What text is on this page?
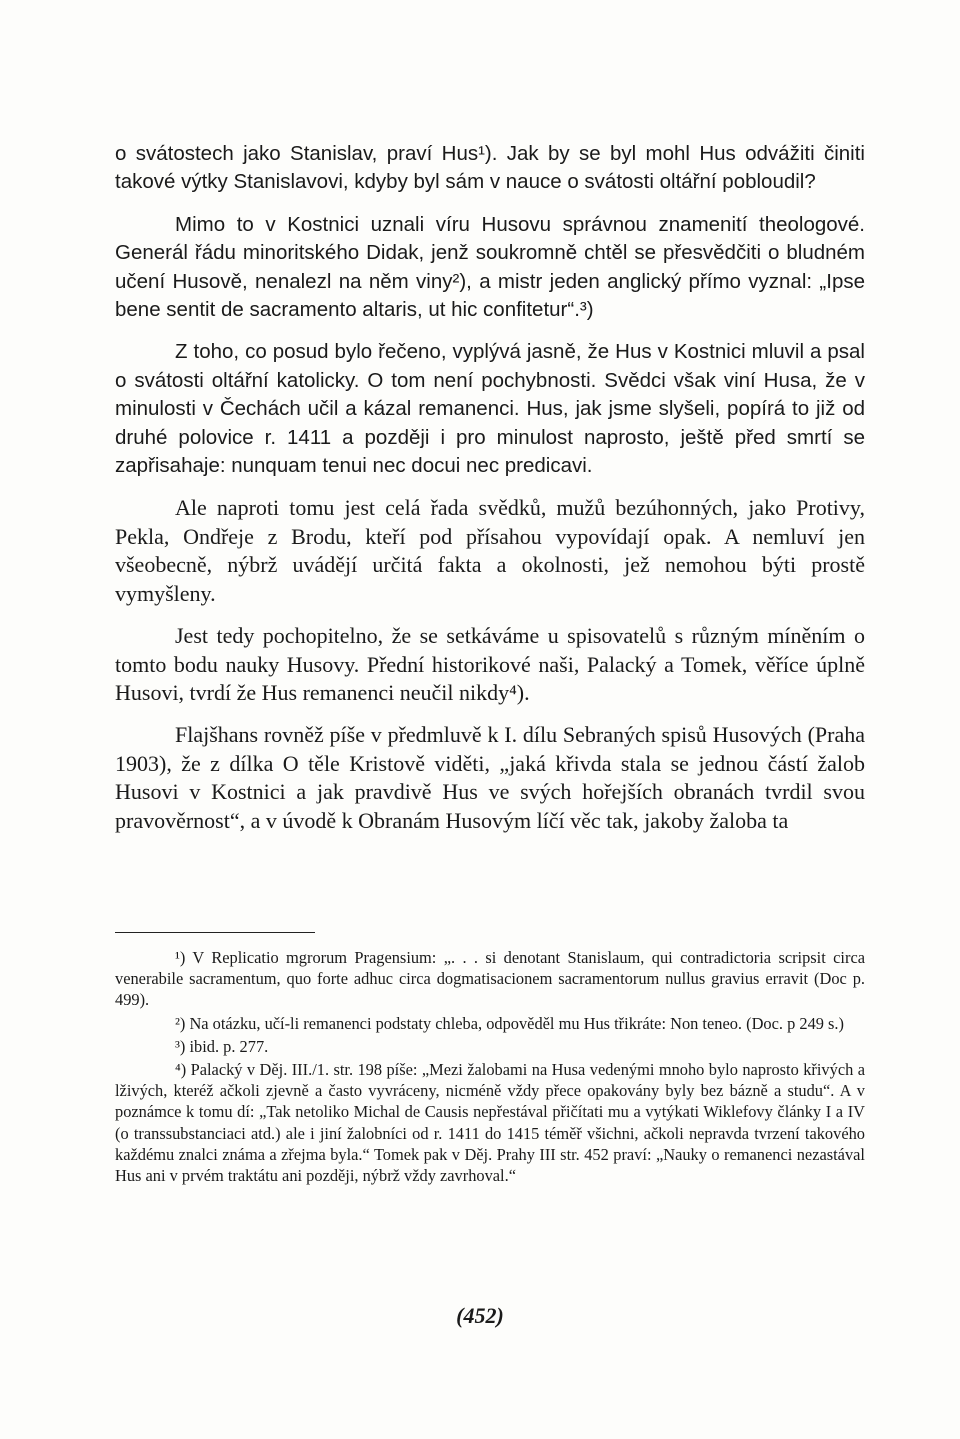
o svátostech jako Stanislav, praví Hus¹). Jak by se byl mohl Hus odvážiti činiti takové výtky Stanislavovi, kdyby byl sám v nauce o svátosti oltářní pobloudil?

Mimo to v Kostnici uznali víru Husovu správnou znamenití theologové. Generál řádu minoritského Didak, jenž soukromně chtěl se přesvědčiti o bludném učení Husově, nenalezl na něm viny²), a mistr jeden anglický přímo vyznal: „Ipse bene sentit de sacramento altaris, ut hic confitetur“.³)

Z toho, co posud bylo řečeno, vyplývá jasně, že Hus v Kostnici mluvil a psal o svátosti oltářní katolicky. O tom není pochybnosti. Svědci však viní Husa, že v minulosti v Čechách učil a kázal remanenci. Hus, jak jsme slyšeli, popírá to již od druhé polovice r. 1411 a později i pro minulost naprosto, ještě před smrtí se zapřisahaje: nunquam tenui nec docui nec predicavi.

Ale naproti tomu jest celá řada svědků, mužů bezúhonných, jako Protivy, Pekla, Ondřeje z Brodu, kteří pod přísahou vypovídají opak. A nemluví jen všeobecně, nýbrž uvádějí určitá fakta a okolnosti, jež nemohou býti prostě vymyšleny.

Jest tedy pochopitelno, že se setkáváme u spisovatelů s různým míněním o tomto bodu nauky Husovy. Přední historikové naši, Palacký a Tomek, věříce úplně Husovi, tvrdí že Hus remanenci neučil nikdy⁴).

Flajšhans rovněž píše v předmluvě k I. dílu Sebraných spisů Husových (Praha 1903), že z dílka O těle Kristově viděti, „jaká křivda stala se jednou částí žalob Husovi v Kostnici a jak pravdivě Hus ve svých hořejších obranách tvrdil svou pravověrnost“, a v úvodě k Obranám Husovým líčí věc tak, jakoby žaloba ta

¹) V Replicatio mgrorum Pragensium: „. . . si denotant Stanislaum, qui contradictoria scripsit circa venerabile sacramentum, quo forte adhuc circa dogmatisacionem sacramentorum nullus gravius erravit (Doc p. 499).

²) Na otázku, učí-li remanenci podstaty chleba, odpověděl mu Hus třikráte: Non teneo. (Doc. p 249 s.)

³) ibid. p. 277.

⁴) Palacký v Děj. III./1. str. 198 píše: „Mezi žalobami na Husa vedenými mnoho bylo naprosto křivých a lživých, kteréž ačkoli zjevně a často vyvráceny, nicméně vždy přece opakovány byly bez bázně a studu“. A v poznámce k tomu dí: „Tak netoliko Michal de Causis nepřestával přičítati mu a vytýkati Wiklefovy články I a IV (o transsubstanciaci atd.) ale i jiní žalobníci od r. 1411 do 1415 téměř všichni, ačkoli nepravda tvrzení takového každému znalci známa a zřejma byla.“ Tomek pak v Děj. Prahy III str. 452 praví: „Nauky o remanenci nezastával Hus ani v prvém traktátu ani později, nýbrž vždy zavrhoval.“

(452)
